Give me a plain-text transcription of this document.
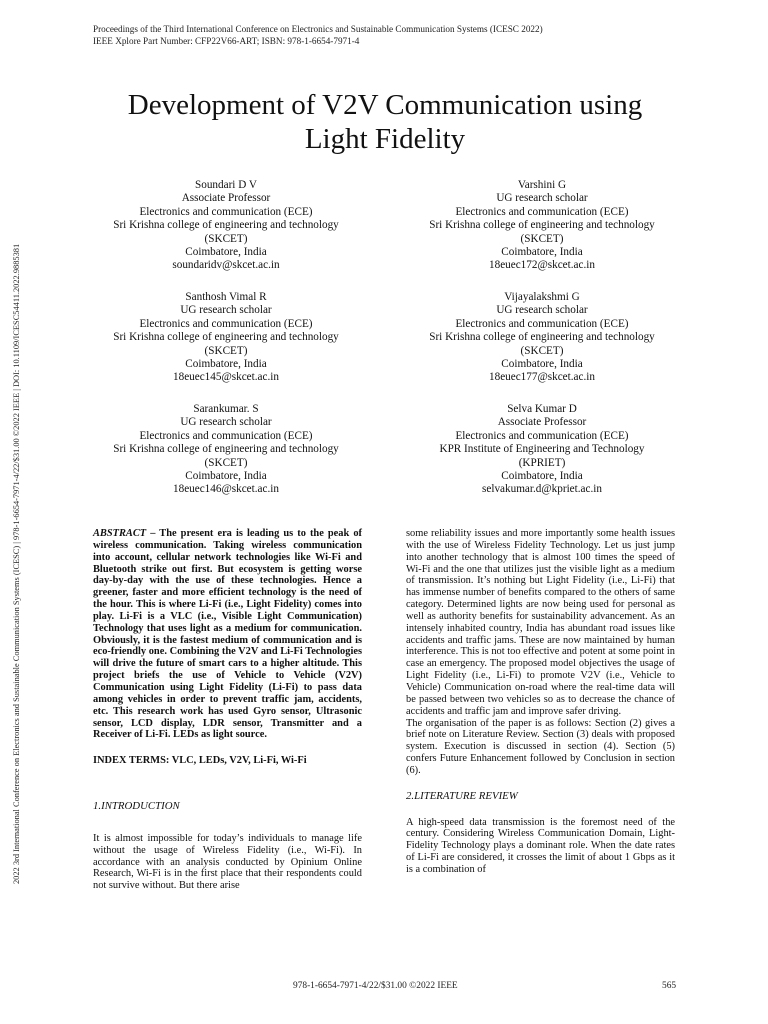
Proceedings of the Third International Conference on Electronics and Sustainable Communication Systems (ICESC 2022)
IEEE Xplore Part Number: CFP22V66-ART; ISBN: 978-1-6654-7971-4
2022 3rd International Conference on Electronics and Sustainable Communication Systems (ICESC) | 978-1-6654-7971-4/22/$31.00 ©2022 IEEE | DOI: 10.1109/ICESC54411.2022.9885381
Development of V2V Communication using
Light Fidelity
Soundari D V
Associate Professor
Electronics and communication (ECE)
Sri Krishna college of engineering and technology
(SKCET)
Coimbatore, India
soundaridv@skcet.ac.in
Varshini G
UG research scholar
Electronics and communication (ECE)
Sri Krishna college of engineering and technology
(SKCET)
Coimbatore, India
18euec172@skcet.ac.in
Santhosh Vimal R
UG research scholar
Electronics and communication (ECE)
Sri Krishna college of engineering and technology
(SKCET)
Coimbatore, India
18euec145@skcet.ac.in
Vijayalakshmi G
UG research scholar
Electronics and communication (ECE)
Sri Krishna college of engineering and technology
(SKCET)
Coimbatore, India
18euec177@skcet.ac.in
Sarankumar. S
UG research scholar
Electronics and communication (ECE)
Sri Krishna college of engineering and technology
(SKCET)
Coimbatore, India
18euec146@skcet.ac.in
Selva Kumar D
Associate Professor
Electronics and communication (ECE)
KPR Institute of Engineering and Technology
(KPRIET)
Coimbatore, India
selvakumar.d@kpriet.ac.in

ABSTRACT – The present era is leading us to the peak of wireless communication. Taking wireless communication into account, cellular network technologies like Wi-Fi and Bluetooth strike out first. But ecosystem is getting worse day-by-day with the use of these technologies. Hence a greener, faster and more efficient technology is the need of the hour. This is where Li-Fi (i.e., Light Fidelity) comes into play. Li-Fi is a VLC (i.e., Visible Light Communication) Technology that uses light as a medium for communication. Obviously, it is the fastest medium of communication and is eco-friendly one. Combining the V2V and Li-Fi Technologies will drive the future of smart cars to a higher altitude. This project briefs the use of Vehicle to Vehicle (V2V) Communication using Light Fidelity (Li-Fi) to pass data among vehicles in order to prevent traffic jam, accidents, etc. This research work has used Gyro sensor, Ultrasonic sensor, LCD display, LDR sensor, Transmitter and a Receiver of Li-Fi. LEDs as light source.

INDEX TERMS: VLC, LEDs, V2V, Li-Fi, Wi-Fi

1.INTRODUCTION

It is almost impossible for today’s individuals to manage life without the usage of Wireless Fidelity (i.e., Wi-Fi). In accordance with an analysis conducted by Opinium Online Research, Wi-Fi is in the first place that their respondents could not survive without. But there arise

some reliability issues and more importantly some health issues with the use of Wireless Fidelity Technology. Let us just jump into another technology that is almost 100 times the speed of Wi-Fi and the one that utilizes just the visible light as a medium of transmission. It’s nothing but Light Fidelity (i.e., Li-Fi) that has immense number of benefits compared to the others of same category. Determined lights are now being used for personal as well as authority benefits for sustainability advancement. As an intensely inhabited country, India has abundant road issues like accidents and traffic jams. These are now maintained by human interference. This is not too effective and potent at some point in case an emergency. The proposed model objectives the usage of Light Fidelity (i.e., Li-Fi) to promote V2V (i.e., Vehicle to Vehicle) Communication on-road where the real-time data will be passed between two vehicles so as to decrease the chance of accidents and traffic jam and improve safer driving.

The organisation of the paper is as follows: Section (2) gives a brief note on Literature Review. Section (3) deals with proposed system. Execution is discussed in section (4). Section (5) confers Future Enhancement followed by Conclusion in section (6).

2.LITERATURE REVIEW

A high-speed data transmission is the foremost need of the century. Considering Wireless Communication Domain, Light-Fidelity Technology plays a dominant role. When the date rates of Li-Fi are considered, it crosses the limit of about 1 Gbps as it is a combination of

978-1-6654-7971-4/22/$31.00 ©2022 IEEE	565
